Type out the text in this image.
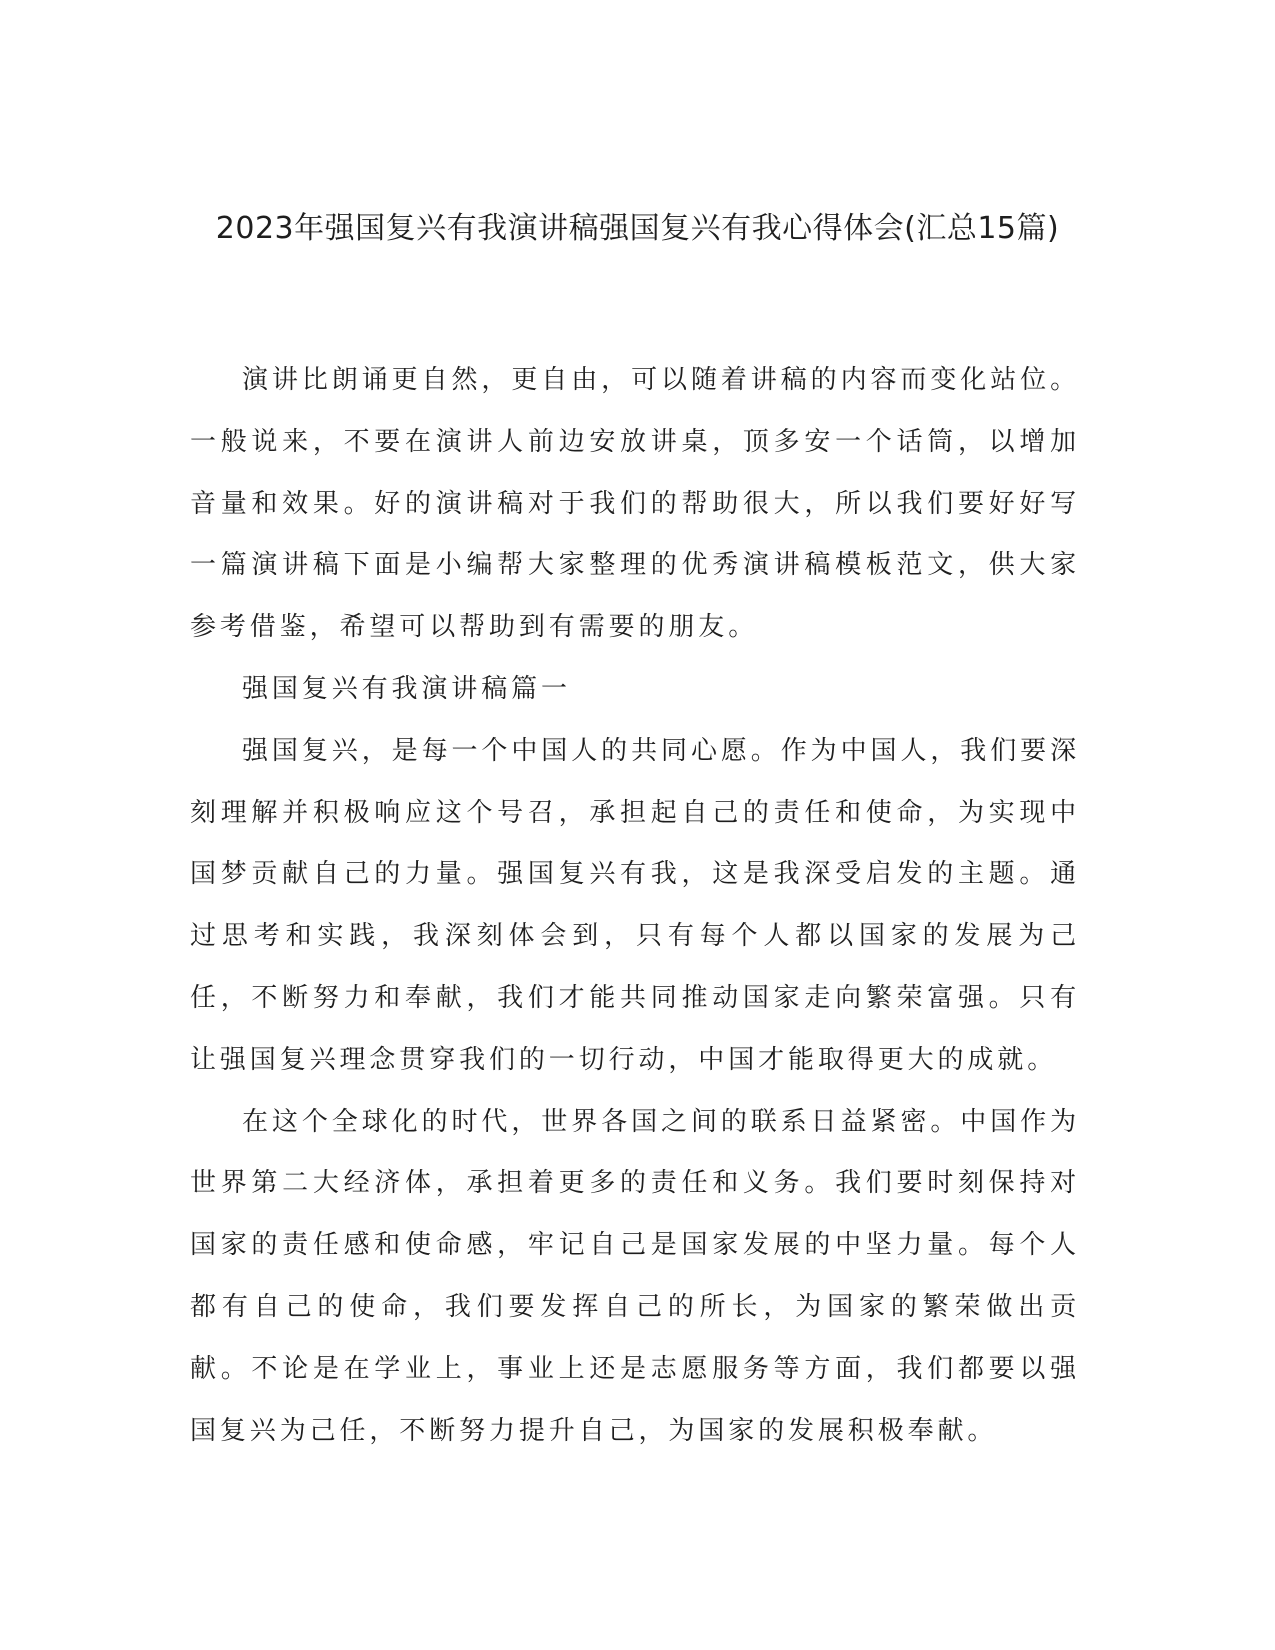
2023年强国复兴有我演讲稿强国复兴有我心得体会(汇总15篇)

演讲比朗诵更自然，更自由，可以随着讲稿的内容而变化站位。一般说来，不要在演讲人前边安放讲桌，顶多安一个话筒，以增加音量和效果。好的演讲稿对于我们的帮助很大，所以我们要好好写一篇演讲稿下面是小编帮大家整理的优秀演讲稿模板范文，供大家参考借鉴，希望可以帮助到有需要的朋友。

强国复兴有我演讲稿篇一

强国复兴，是每一个中国人的共同心愿。作为中国人，我们要深刻理解并积极响应这个号召，承担起自己的责任和使命，为实现中国梦贡献自己的力量。强国复兴有我，这是我深受启发的主题。通过思考和实践，我深刻体会到，只有每个人都以国家的发展为己任，不断努力和奉献，我们才能共同推动国家走向繁荣富强。只有让强国复兴理念贯穿我们的一切行动，中国才能取得更大的成就。

在这个全球化的时代，世界各国之间的联系日益紧密。中国作为世界第二大经济体，承担着更多的责任和义务。我们要时刻保持对国家的责任感和使命感，牢记自己是国家发展的中坚力量。每个人都有自己的使命，我们要发挥自己的所长，为国家的繁荣做出贡献。不论是在学业上，事业上还是志愿服务等方面，我们都要以强国复兴为己任，不断努力提升自己，为国家的发展积极奉献。
